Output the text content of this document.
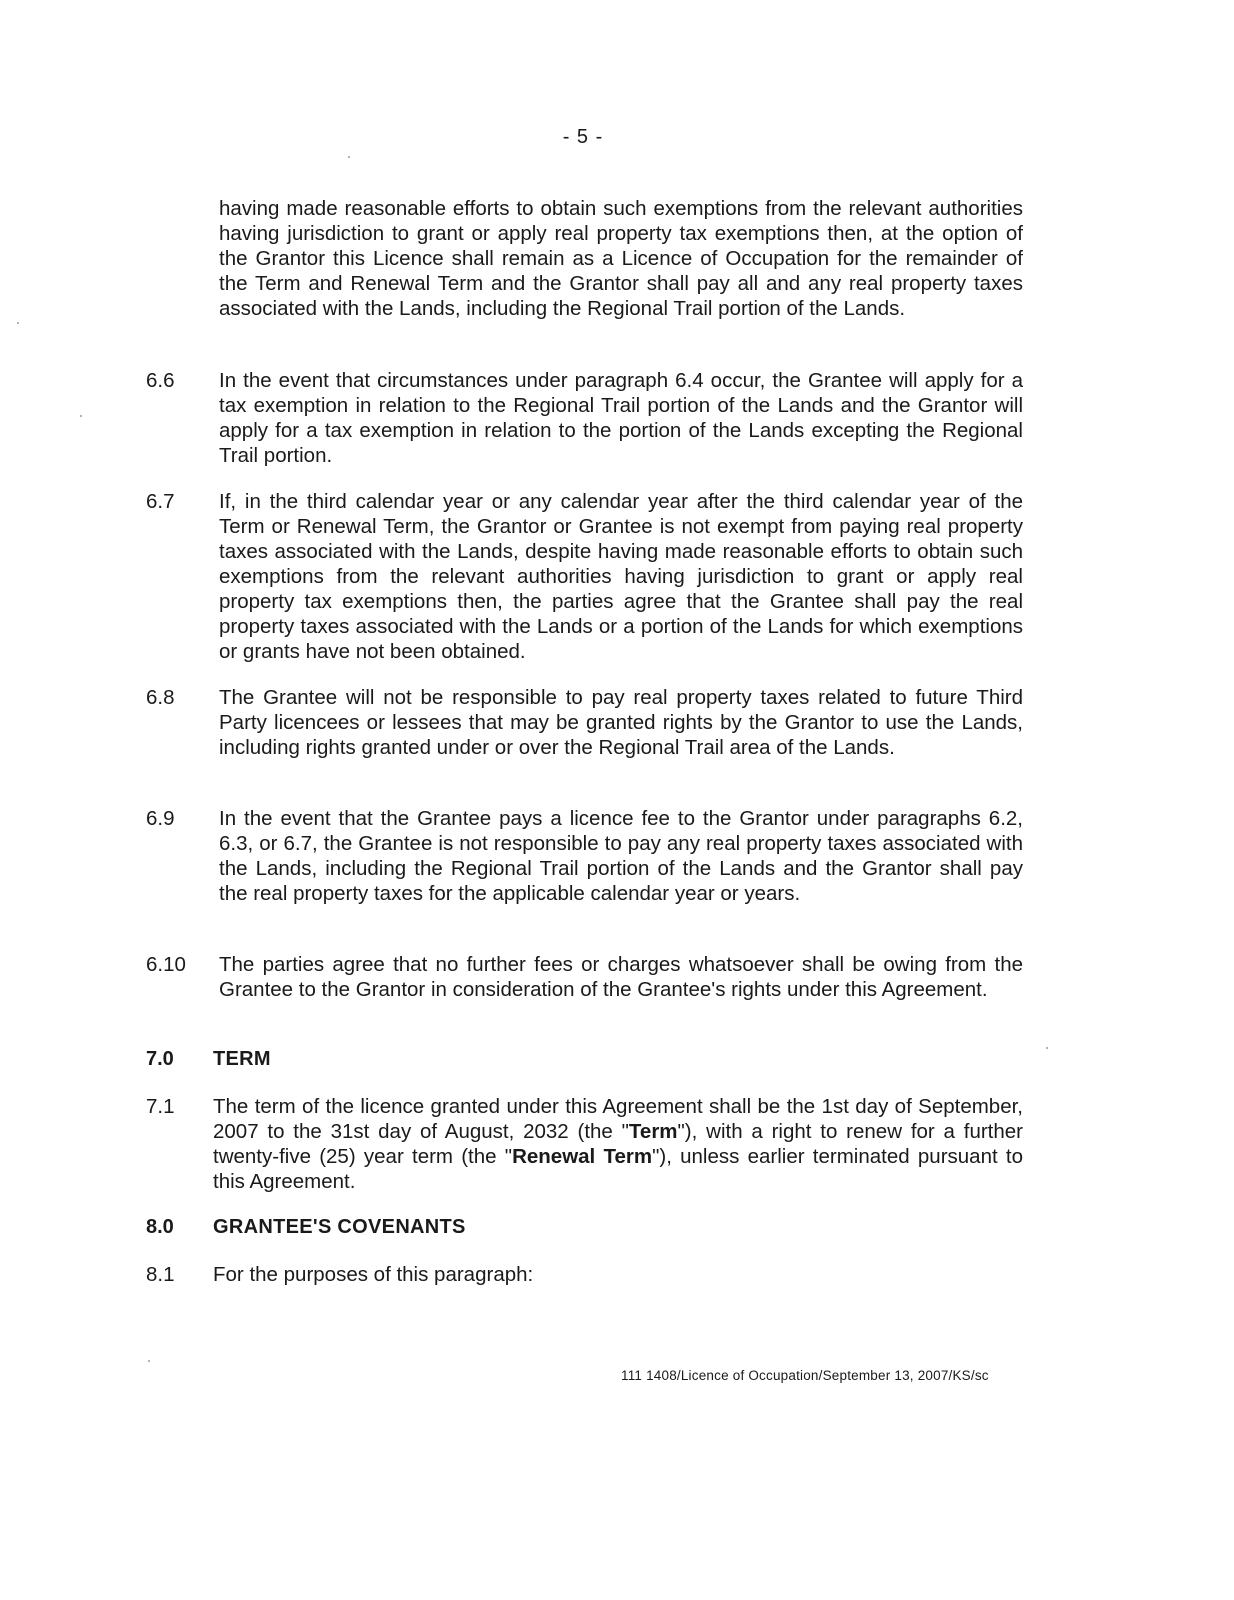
- 5 -
having made reasonable efforts to obtain such exemptions from the relevant authorities having jurisdiction to grant or apply real property tax exemptions then, at the option of the Grantor this Licence shall remain as a Licence of Occupation for the remainder of the Term and Renewal Term and the Grantor shall pay all and any real property taxes associated with the Lands, including the Regional Trail portion of the Lands.
6.6	In the event that circumstances under paragraph 6.4 occur, the Grantee will apply for a tax exemption in relation to the Regional Trail portion of the Lands and the Grantor will apply for a tax exemption in relation to the portion of the Lands excepting the Regional Trail portion.
6.7	If, in the third calendar year or any calendar year after the third calendar year of the Term or Renewal Term, the Grantor or Grantee is not exempt from paying real property taxes associated with the Lands, despite having made reasonable efforts to obtain such exemptions from the relevant authorities having jurisdiction to grant or apply real property tax exemptions then, the parties agree that the Grantee shall pay the real property taxes associated with the Lands or a portion of the Lands for which exemptions or grants have not been obtained.
6.8	The Grantee will not be responsible to pay real property taxes related to future Third Party licencees or lessees that may be granted rights by the Grantor to use the Lands, including rights granted under or over the Regional Trail area of the Lands.
6.9	In the event that the Grantee pays a licence fee to the Grantor under paragraphs 6.2, 6.3, or 6.7, the Grantee is not responsible to pay any real property taxes associated with the Lands, including the Regional Trail portion of the Lands and the Grantor shall pay the real property taxes for the applicable calendar year or years.
6.10	The parties agree that no further fees or charges whatsoever shall be owing from the Grantee to the Grantor in consideration of the Grantee's rights under this Agreement.
7.0 TERM
7.1	The term of the licence granted under this Agreement shall be the 1st day of September, 2007 to the 31st day of August, 2032 (the "Term"), with a right to renew for a further twenty-five (25) year term (the "Renewal Term"), unless earlier terminated pursuant to this Agreement.
8.0 GRANTEE'S COVENANTS
8.1	For the purposes of this paragraph:
111 1408/Licence of Occupation/September 13, 2007/KS/sc
